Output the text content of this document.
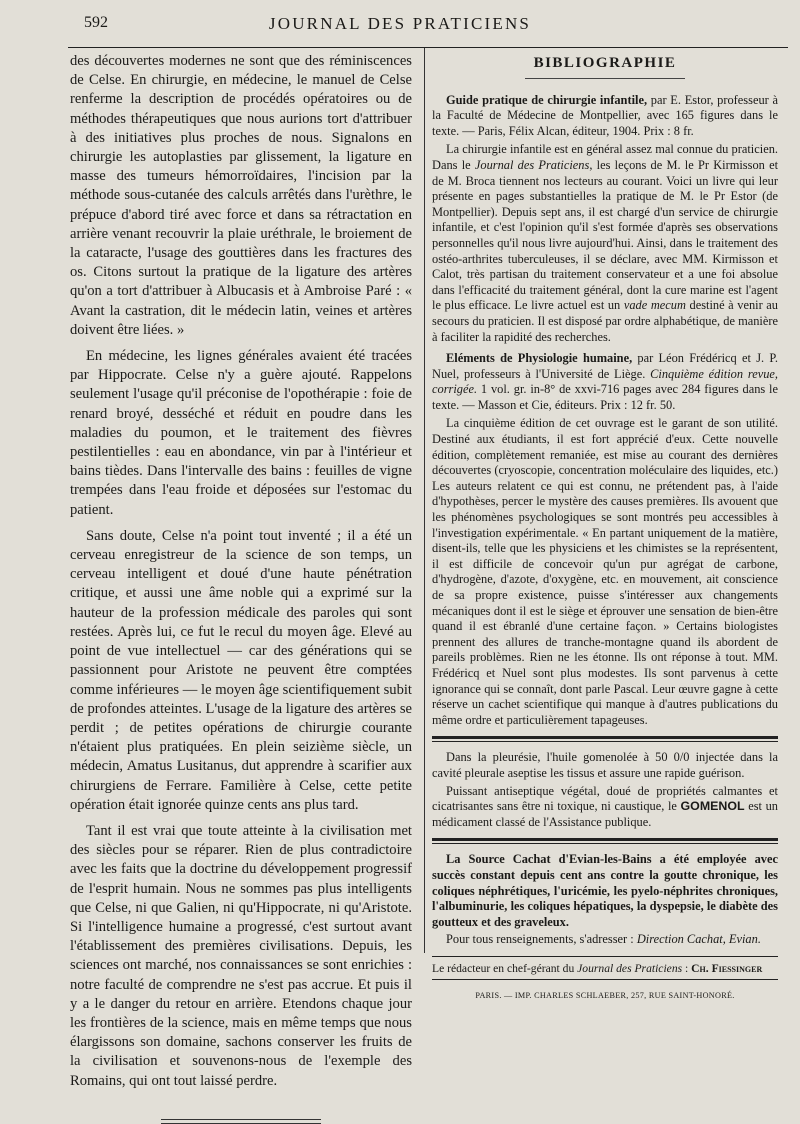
592	JOURNAL DES PRATICIENS

des découvertes modernes ne sont que des réminiscences de Celse. En chirurgie, en médecine, le manuel de Celse renferme la description de procédés opératoires ou de méthodes thérapeutiques que nous aurions tort d'attribuer à des initiatives plus proches de nous. Signalons en chirurgie les autoplasties par glissement, la ligature en masse des tumeurs hémorroïdaires, l'incision par la méthode sous-cutanée des calculs arrêtés dans l'urèthre, le prépuce d'abord tiré avec force et dans sa rétractation en arrière venant recouvrir la plaie uréthrale, le broiement de la cataracte, l'usage des gouttières dans les fractures des os. Citons surtout la pratique de la ligature des artères qu'on a tort d'attribuer à Albucasis et à Ambroise Paré : « Avant la castration, dit le médecin latin, veines et artères doivent être liées. »

En médecine, les lignes générales avaient été tracées par Hippocrate. Celse n'y a guère ajouté. Rappelons seulement l'usage qu'il préconise de l'opothérapie : foie de renard broyé, desséché et réduit en poudre dans les maladies du poumon, et le traitement des fièvres pestilentielles : eau en abondance, vin par à l'intérieur et bains tièdes. Dans l'intervalle des bains : feuilles de vigne trempées dans l'eau froide et déposées sur l'estomac du patient.

Sans doute, Celse n'a point tout inventé ; il a été un cerveau enregistreur de la science de son temps, un cerveau intelligent et doué d'une haute pénétration critique, et aussi une âme noble qui a exprimé sur la hauteur de la profession médicale des paroles qui sont restées. Après lui, ce fut le recul du moyen âge. Elevé au point de vue intellectuel — car des générations qui se passionnent pour Aristote ne peuvent être comptées comme inférieures — le moyen âge scientifiquement subit de profondes atteintes. L'usage de la ligature des artères se perdit ; de petites opérations de chirurgie courante n'étaient plus pratiquées. En plein seizième siècle, un médecin, Amatus Lusitanus, dut apprendre à scarifier aux chirurgiens de Ferrare. Familière à Celse, cette petite opération était ignorée quinze cents ans plus tard.

Tant il est vrai que toute atteinte à la civilisation met des siècles pour se réparer. Rien de plus contradictoire avec les faits que la doctrine du développement progressif de l'esprit humain. Nous ne sommes pas plus intelligents que Celse, ni que Galien, ni qu'Hippocrate, ni qu'Aristote. Si l'intelligence humaine a progressé, c'est surtout avant l'établissement des premières civilisations. Depuis, les sciences ont marché, nos connaissances se sont enrichies : notre faculté de comprendre ne s'est pas accrue. Et puis il y a le danger du retour en arrière. Etendons chaque jour les frontières de la science, mais en même temps que nous élargissons son domaine, sachons conserver les fruits de la civilisation et souvenons-nous de l'exemple des Romains, qui ont tout laissé perdre.

BIBLIOGRAPHIE

Guide pratique de chirurgie infantile, par E. Estor, professeur à la Faculté de Médecine de Montpellier, avec 165 figures dans le texte. — Paris, Félix Alcan, éditeur, 1904. Prix : 8 fr.

La chirurgie infantile est en général assez mal connue du praticien. Dans le Journal des Praticiens, les leçons de M. le Pr Kirmisson et de M. Broca tiennent nos lecteurs au courant. Voici un livre qui leur présente en pages substantielles la pratique de M. le Pr Estor (de Montpellier). Depuis sept ans, il est chargé d'un service de chirurgie infantile, et c'est l'opinion qu'il s'est formée d'après ses observations personnelles qu'il nous livre aujourd'hui. Ainsi, dans le traitement des ostéo-arthrites tuberculeuses, il se déclare, avec MM. Kirmisson et Calot, très partisan du traitement conservateur et a une foi absolue dans l'efficacité du traitement général, dont la cure marine est l'agent le plus efficace. Le livre actuel est un vade mecum destiné à venir au secours du praticien. Il est disposé par ordre alphabétique, de manière à faciliter la rapidité des recherches.

Eléments de Physiologie humaine, par Léon Frédéricq et J. P. Nuel, professeurs à l'Université de Liège. Cinquième édition revue, corrigée. 1 vol. gr. in-8° de xxvi-716 pages avec 284 figures dans le texte. — Masson et Cie, éditeurs. Prix : 12 fr. 50.

La cinquième édition de cet ouvrage est le garant de son utilité. Destiné aux étudiants, il est fort apprécié d'eux. Cette nouvelle édition, complètement remaniée, est mise au courant des dernières découvertes (cryoscopie, concentration moléculaire des liquides, etc.) Les auteurs relatent ce qui est connu, ne prétendent pas, à l'aide d'hypothèses, percer le mystère des causes premières. Ils avouent que les phénomènes psychologiques se sont montrés peu accessibles à l'investigation expérimentale. « En partant uniquement de la matière, disent-ils, telle que les physiciens et les chimistes se la représentent, il est difficile de concevoir qu'un pur agrégat de carbone, d'hydrogène, d'azote, d'oxygène, etc. en mouvement, ait conscience de sa propre existence, puisse s'intéresser aux changements mécaniques dont il est le siège et éprouver une sensation de bien-être quand il est ébranlé d'une certaine façon. » Certains biologistes prennent des allures de tranche-montagne quand ils abordent de pareils problèmes. Rien ne les étonne. Ils ont réponse à tout. MM. Frédéricq et Nuel sont plus modestes. Ils sont parvenus à cette ignorance qui se connaît, dont parle Pascal. Leur œuvre gagne à cette réserve un cachet scientifique qui manque à d'autres publications du même ordre et particulièrement tapageuses.

Dans la pleurésie, l'huile gomenolée à 50 0/0 injectée dans la cavité pleurale aseptise les tissus et assure une rapide guérison.

Puissant antiseptique végétal, doué de propriétés calmantes et cicatrisantes sans être ni toxique, ni caustique, le GOMENOL est un médicament classé de l'Assistance publique.

La Source Cachat d'Evian-les-Bains a été employée avec succès constant depuis cent ans contre la goutte chronique, les coliques néphrétiques, l'uricémie, les pyelo-néphrites chroniques, l'albuminurie, les coliques hépatiques, la dyspepsie, le diabète des goutteux et des graveleux.

Pour tous renseignements, s'adresser : Direction Cachat, Evian.

Le rédacteur en chef-gérant du Journal des Praticiens : Ch. Fiessinger
PARIS. — IMP. CHARLES SCHLAEBER, 257, RUE SAINT-HONORÉ.
